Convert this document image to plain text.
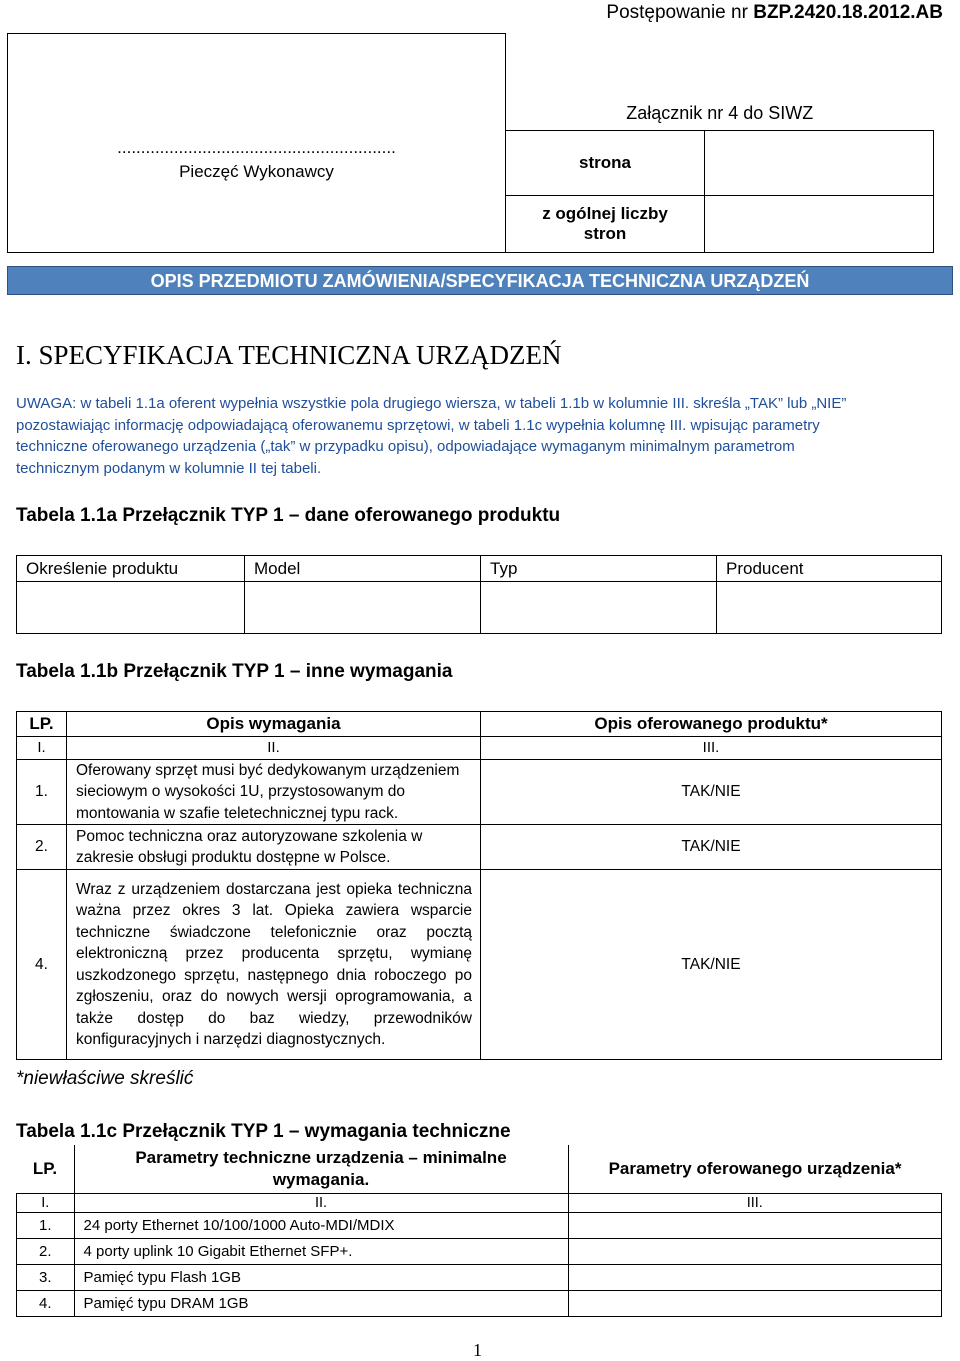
Postępowanie nr BZP.2420.18.2012.AB
...........................................................
Pieczęć Wykonawcy	Załącznik nr 4 do SIWZ	
	strona	

	z ogólnej liczby
stron	

OPIS PRZEDMIOTU ZAMÓWIENIA/SPECYFIKACJA TECHNICZNA URZĄDZEŃ
I. SPECYFIKACJA TECHNICZNA URZĄDZEŃ
UWAGA: w tabeli 1.1a oferent wypełnia wszystkie pola drugiego wiersza, w tabeli 1.1b w kolumnie III. skreśla „TAK” lub „NIE”
pozostawiając informację odpowiadającą oferowanemu sprzętowi, w tabeli 1.1c wypełnia kolumnę III. wpisując parametry
techniczne oferowanego urządzenia („tak” w przypadku opisu), odpowiadające wymaganym minimalnym parametrom
technicznym podanym w kolumnie II tej tabeli.
Tabela 1.1a Przełącznik TYP 1 – dane oferowanego produktu
Określenie produktu	Model	Typ	Producent

Tabela 1.1b Przełącznik TYP 1 – inne wymagania
LP.	Opis wymagania	Opis oferowanego produktu*
I.	II.	III.
1.	Oferowany sprzęt musi być dedykowanym urządzeniem sieciowym o wysokości 1U, przystosowanym do montowania w szafie teletechnicznej typu rack.	TAK/NIE
2.	Pomoc techniczna oraz autoryzowane szkolenia w zakresie obsługi produktu dostępne w Polsce.	TAK/NIE
4.	Wraz z urządzeniem dostarczana jest opieka techniczna ważna przez okres 3 lat. Opieka zawiera wsparcie techniczne świadczone telefonicznie oraz pocztą elektroniczną przez producenta sprzętu, wymianę uszkodzonego sprzętu, następnego dnia roboczego po zgłoszeniu, oraz do nowych wersji oprogramowania, a także dostęp do baz wiedzy, przewodników konfiguracyjnych i narzędzi diagnostycznych.	TAK/NIE
*niewłaściwe skreślić
Tabela 1.1c Przełącznik TYP 1 – wymagania techniczne
LP.	Parametry techniczne urządzenia – minimalne wymagania.	Parametry oferowanego urządzenia*
I.	II.	III.
1.	24 porty Ethernet 10/100/1000 Auto-MDI/MDIX	
2.	4 porty uplink 10 Gigabit Ethernet SFP+.	
3.	Pamięć typu Flash 1GB	
4.	Pamięć typu DRAM 1GB	
1
